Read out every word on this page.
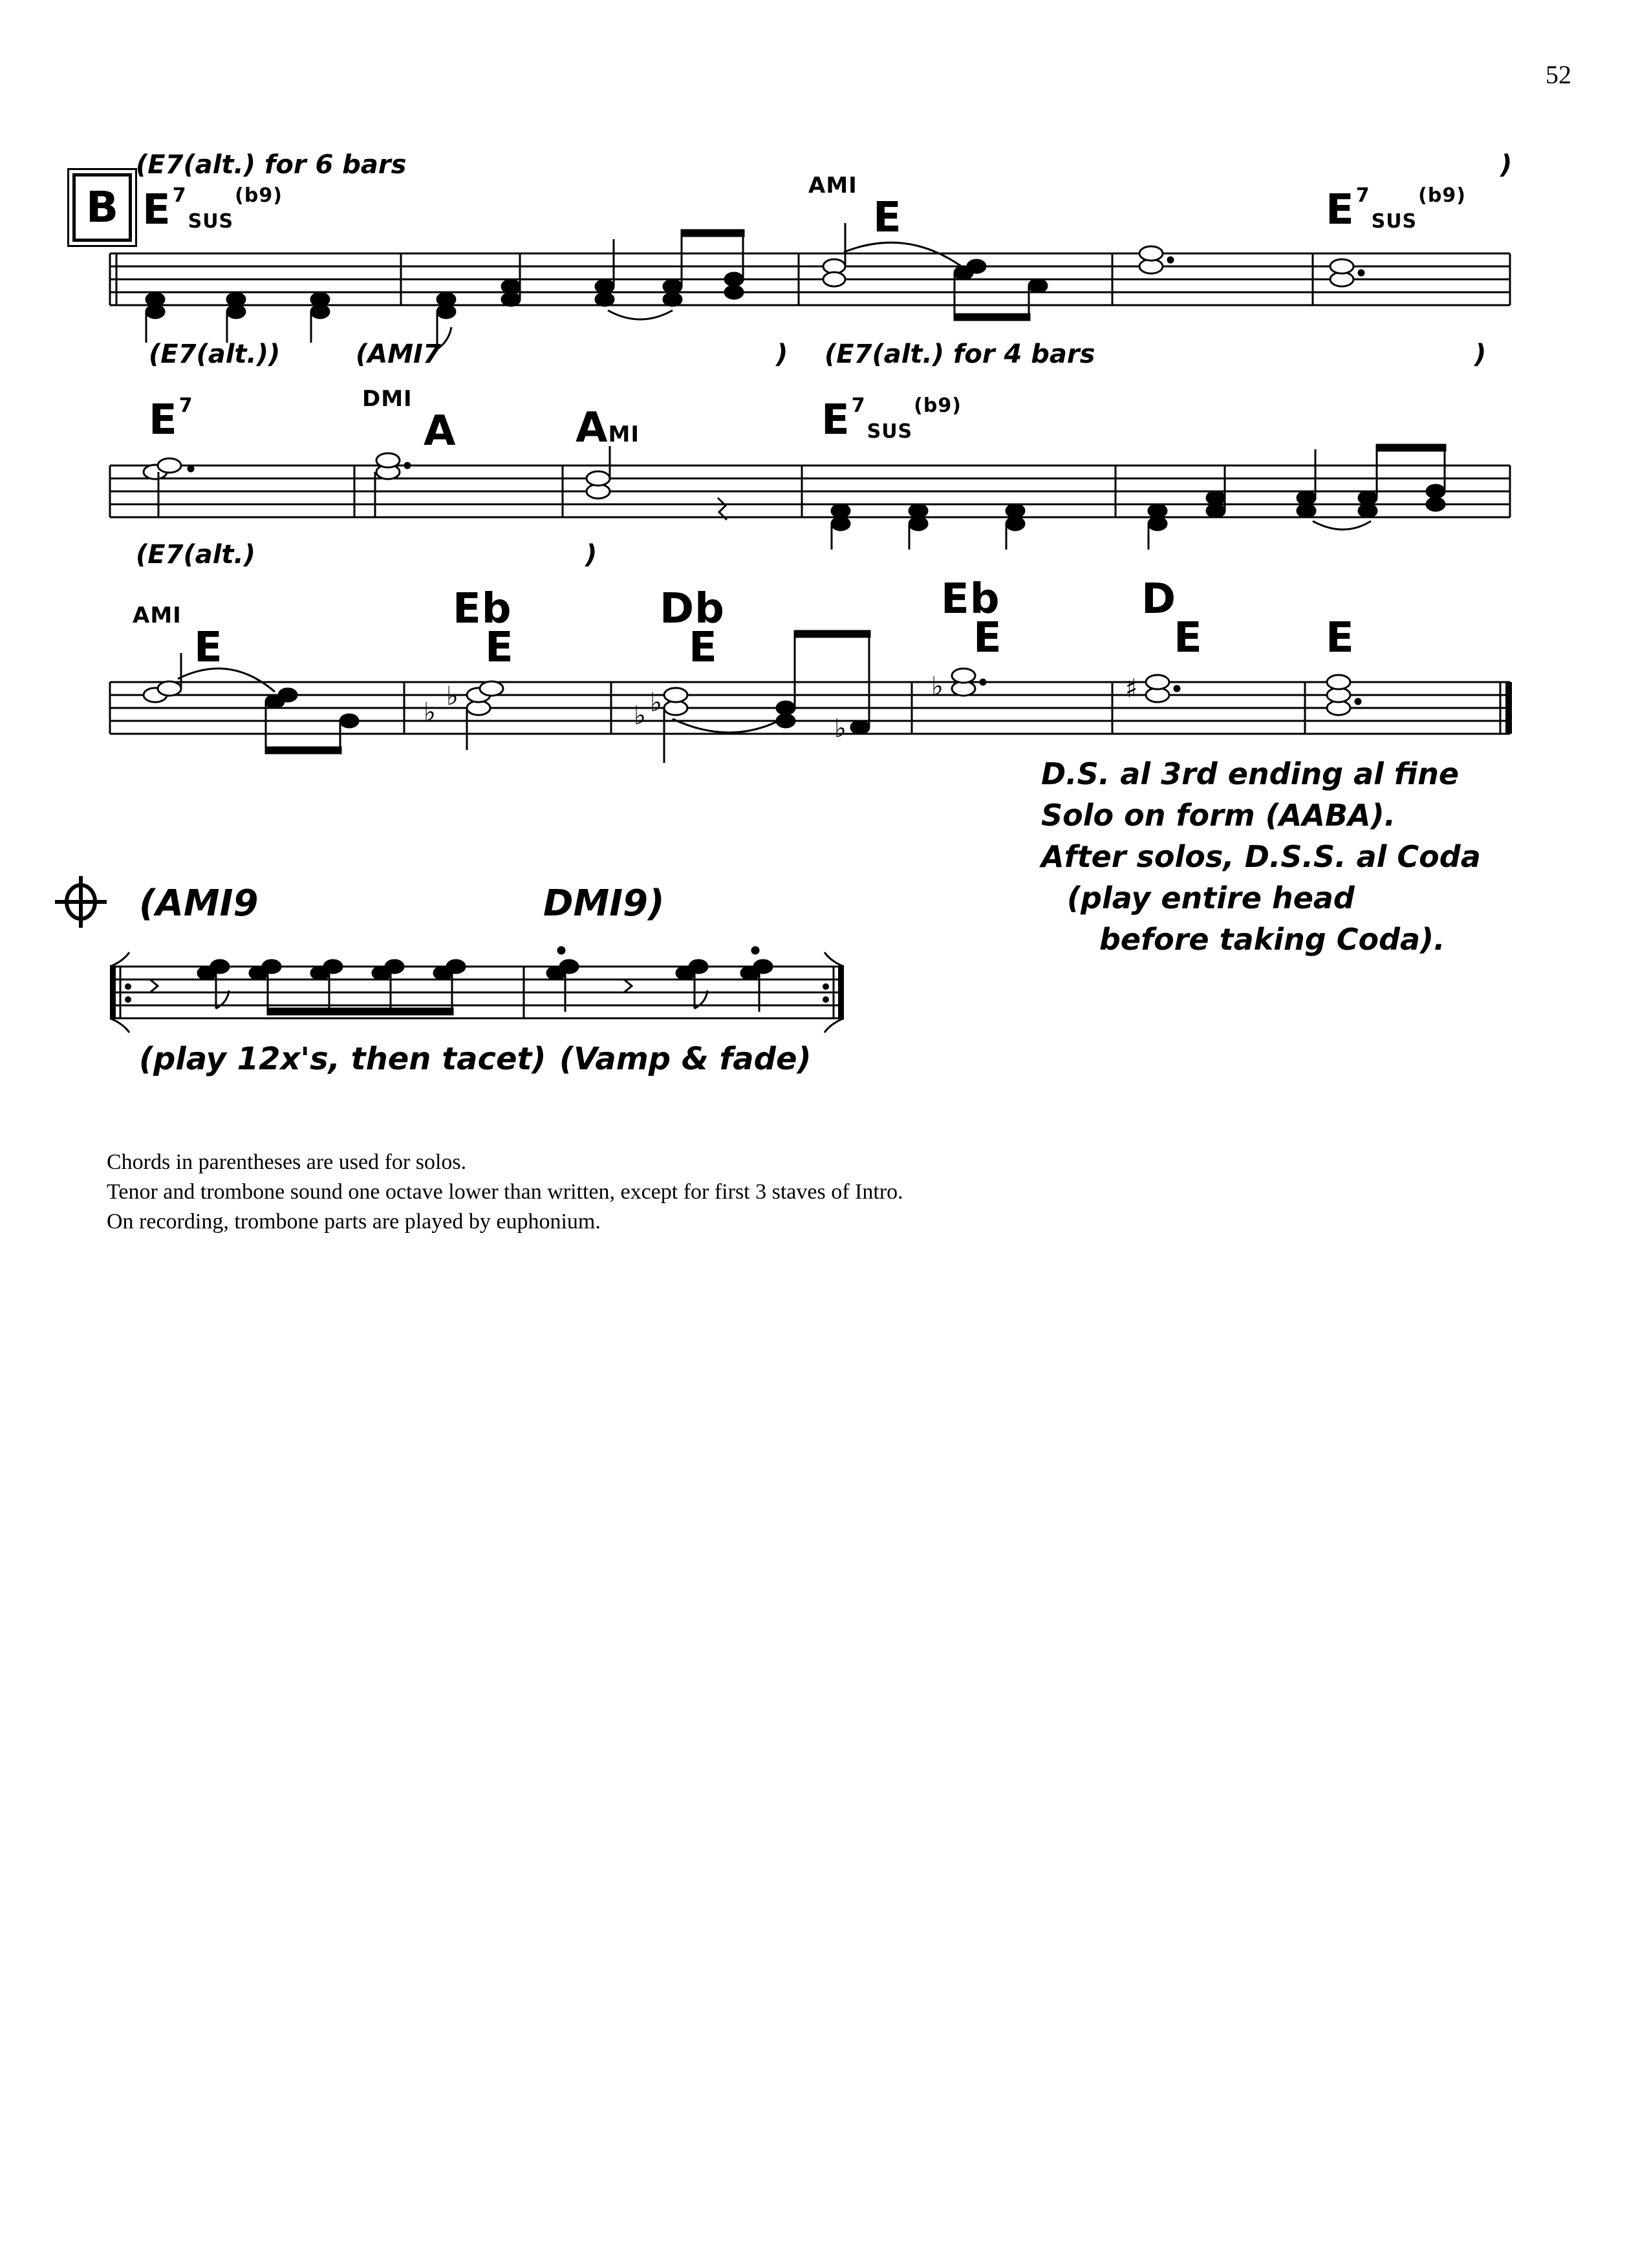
52
B
♭
♭
♭ ♭
♭
♭	♯
(E7(alt.) for 6 bars	)
$E^7_{SUS}^{(b9)}$	AMI
E	$E^7_{SUS}^{(b9)}$
(E7(alt.))	(AMI7	) (E7(alt.) for 4 bars	)
$E^7$	DMI
A	AMI	$E^7_{SUS}^{(b9)}$
(E7(alt.)	)
AMI
E
Eb
E
Db
E
Eb
E
D
E	E
D.S. al 3rd ending al fine
Solo on form (AABA).
After solos, D.S.S. al Coda
(play entire head
before taking Coda).
(AMI9	DMI9)
(play 12x's, then tacet) (Vamp & fade)
Chords in parentheses are used for solos.
Tenor and trombone sound one octave lower than written, except for first 3 staves of Intro.
On recording, trombone parts are played by euphonium.
